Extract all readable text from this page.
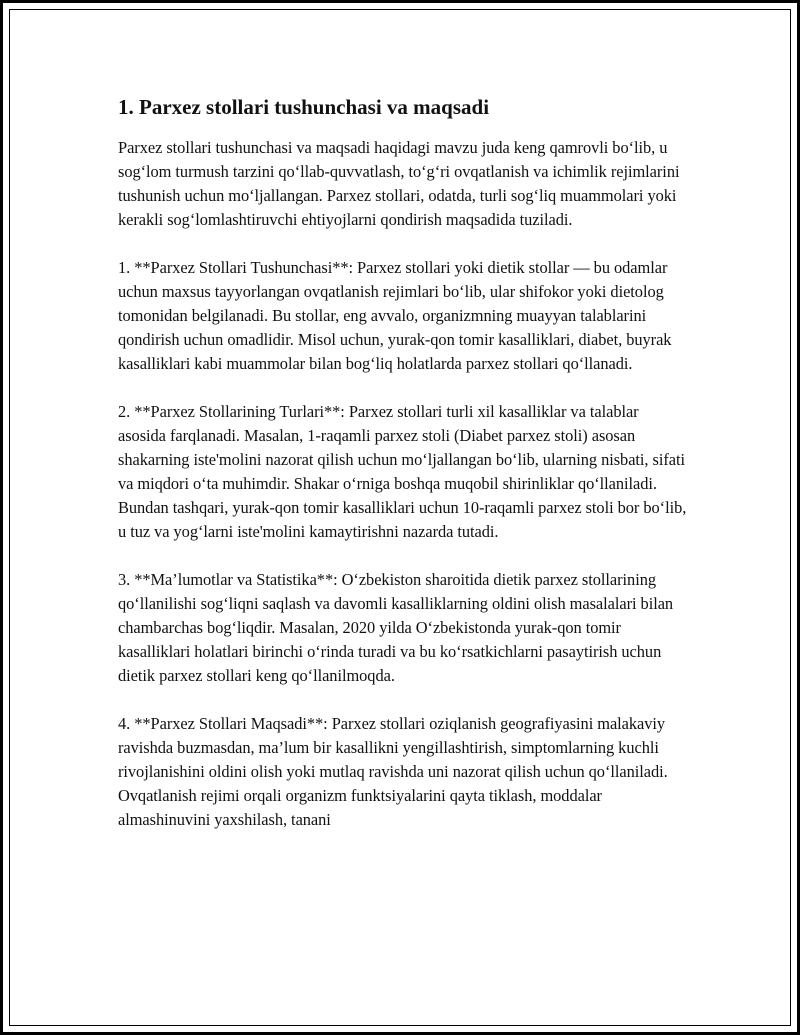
1. Parxez stollari tushunchasi va maqsadi

Parxez stollari tushunchasi va maqsadi haqidagi mavzu juda keng qamrovli bo‘lib, u sog‘lom turmush tarzini qo‘llab-quvvatlash, to‘g‘ri ovqatlanish va ichimlik rejimlarini tushunish uchun mo‘ljallangan. Parxez stollari, odatda, turli sog‘liq muammolari yoki kerakli sog‘lomlashtiruvchi ehtiyojlarni qondirish maqsadida tuziladi.

1. **Parxez Stollari Tushunchasi**: Parxez stollari yoki dietik stollar — bu odamlar uchun maxsus tayyorlangan ovqatlanish rejimlari bo‘lib, ular shifokor yoki dietolog tomonidan belgilanadi. Bu stollar, eng avvalo, organizmning muayyan talablarini qondirish uchun omadlidir. Misol uchun, yurak-qon tomir kasalliklari, diabet, buyrak kasalliklari kabi muammolar bilan bog‘liq holatlarda parxez stollari qo‘llanadi.

2. **Parxez Stollarining Turlari**: Parxez stollari turli xil kasalliklar va talablar asosida farqlanadi. Masalan, 1-raqamli parxez stoli (Diabet parxez stoli) asosan shakarning iste'molini nazorat qilish uchun mo‘ljallangan bo‘lib, ularning nisbati, sifati va miqdori o‘ta muhimdir. Shakar o‘rniga boshqa muqobil shirinliklar qo‘llaniladi. Bundan tashqari, yurak-qon tomir kasalliklari uchun 10-raqamli parxez stoli bor bo‘lib, u tuz va yog‘larni iste'molini kamaytirishni nazarda tutadi.

3. **Ma’lumotlar va Statistika**: O‘zbekiston sharoitida dietik parxez stollarining qo‘llanilishi sog‘liqni saqlash va davomli kasalliklarning oldini olish masalalari bilan chambarchas bog‘liqdir. Masalan, 2020 yilda O‘zbekistonda yurak-qon tomir kasalliklari holatlari birinchi o‘rinda turadi va bu ko‘rsatkichlarni pasaytirish uchun dietik parxez stollari keng qo‘llanilmoqda.

4. **Parxez Stollari Maqsadi**: Parxez stollari oziqlanish geografiyasini malakaviy ravishda buzmasdan, ma’lum bir kasallikni yengillashtirish, simptomlarning kuchli rivojlanishini oldini olish yoki mutlaq ravishda uni nazorat qilish uchun qo‘llaniladi. Ovqatlanish rejimi orqali organizm funktsiyalarini qayta tiklash, moddalar almashinuvini yaxshilash, tanani
